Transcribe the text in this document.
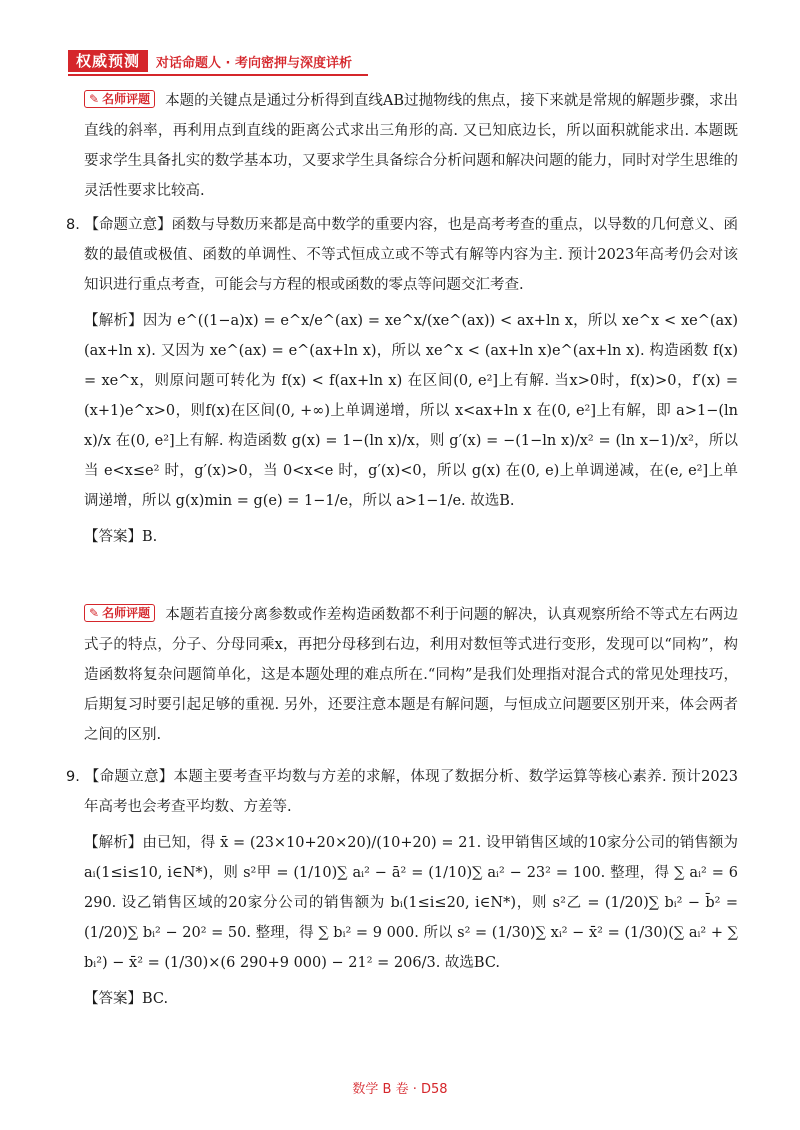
权威预测	对话命题人 · 考向密押与深度详析

✎ 名师评题 本题的关键点是通过分析得到直线AB过抛物线的焦点，接下来就是常规的解题步骤，求出直线的斜率，再利用点到直线的距离公式求出三角形的高. 又已知底边长，所以面积就能求出. 本题既要求学生具备扎实的数学基本功，又要求学生具备综合分析问题和解决问题的能力，同时对学生思维的灵活性要求比较高.

8. 【命题立意】函数与导数历来都是高中数学的重要内容，也是高考考查的重点，以导数的几何意义、函数的最值或极值、函数的单调性、不等式恒成立或不等式有解等内容为主. 预计2023年高考仍会对该知识进行重点考查，可能会与方程的根或函数的零点等问题交汇考查.

【解析】因为 e^((1−a)x) = e^x/e^(ax) = xe^x/(xe^(ax)) < ax+ln x，所以 xe^x < xe^(ax)(ax+ln x). 又因为 xe^(ax) = e^(ax+ln x)，所以 xe^x < (ax+ln x)e^(ax+ln x). 构造函数 f(x) = xe^x，则原问题可转化为 f(x) < f(ax+ln x) 在区间(0, e²]上有解. 当x>0时，f(x)>0，f′(x) = (x+1)e^x>0，则f(x)在区间(0, +∞)上单调递增，所以 x<ax+ln x 在(0, e²]上有解，即 a>1−(ln x)/x 在(0, e²]上有解. 构造函数 g(x) = 1−(ln x)/x，则 g′(x) = −(1−ln x)/x² = (ln x−1)/x²，所以当 e<x≤e² 时，g′(x)>0，当 0<x<e 时，g′(x)<0，所以 g(x) 在(0, e)上单调递减，在(e, e²]上单调递增，所以 g(x)min = g(e) = 1−1/e，所以 a>1−1/e. 故选B.

【答案】B.

✎ 名师评题 本题若直接分离参数或作差构造函数都不利于问题的解决，认真观察所给不等式左右两边式子的特点，分子、分母同乘x，再把分母移到右边，利用对数恒等式进行变形，发现可以“同构”，构造函数将复杂问题简单化，这是本题处理的难点所在.“同构”是我们处理指对混合式的常见处理技巧，后期复习时要引起足够的重视. 另外，还要注意本题是有解问题，与恒成立问题要区别开来，体会两者之间的区别.

9. 【命题立意】本题主要考查平均数与方差的求解，体现了数据分析、数学运算等核心素养. 预计2023年高考也会考查平均数、方差等.

【解析】由已知，得 x̄ = (23×10+20×20)/(10+20) = 21. 设甲销售区域的10家分公司的销售额为 aᵢ(1≤i≤10, i∈N*)，则 s²甲 = (1/10)∑ aᵢ² − ā² = (1/10)∑ aᵢ² − 23² = 100. 整理，得 ∑ aᵢ² = 6 290. 设乙销售区域的20家分公司的销售额为 bᵢ(1≤i≤20, i∈N*)，则 s²乙 = (1/20)∑ bᵢ² − b̄² = (1/20)∑ bᵢ² − 20² = 50. 整理，得 ∑ bᵢ² = 9 000. 所以 s² = (1/30)∑ xᵢ² − x̄² = (1/30)(∑ aᵢ² + ∑ bᵢ²) − x̄² = (1/30)×(6 290+9 000) − 21² = 206/3. 故选BC.

【答案】BC.

数学 B 卷 · D58
